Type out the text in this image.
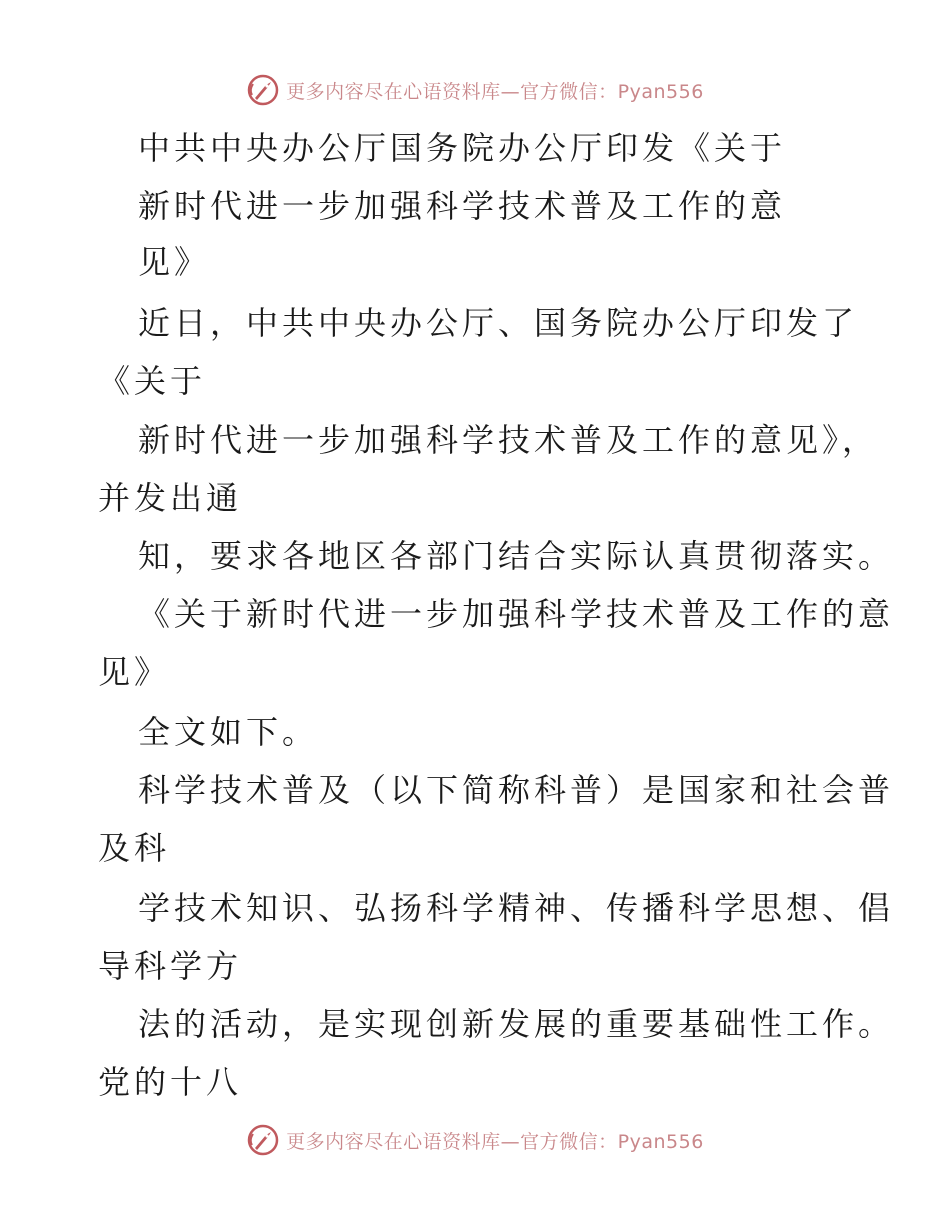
更多内容尽在心语资料库—官方微信：Pyan556
中共中央办公厅国务院办公厅印发《关于
新时代进一步加强科学技术普及工作的意
见》
近日，中共中央办公厅、国务院办公厅印发了
《关于
新时代进一步加强科学技术普及工作的意见》，
并发出通
知，要求各地区各部门结合实际认真贯彻落实。
《关于新时代进一步加强科学技术普及工作的意
见》
全文如下。
科学技术普及（以下简称科普）是国家和社会普
及科
学技术知识、弘扬科学精神、传播科学思想、倡
导科学方
法的活动，是实现创新发展的重要基础性工作。
党的十八
更多内容尽在心语资料库—官方微信：Pyan556
